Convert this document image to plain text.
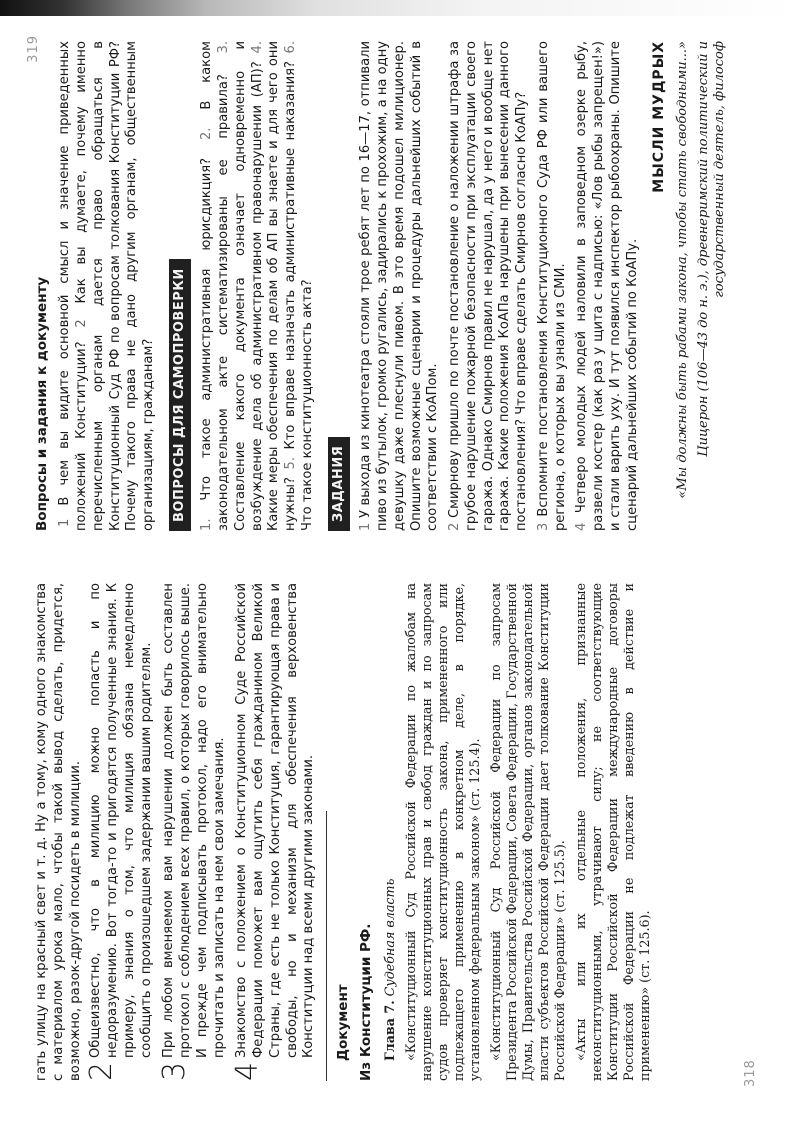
гать улицу на красный свет и т. д. Ну а тому, кому одного знакомства с материалом урока мало, чтобы такой вывод сделать, придется, возможно, разок-другой посидеть в милиции. 2
Общеизвестно, что в милицию можно попасть и по недоразумению. Вот тогда-то и пригодятся полученные знания. К примеру, знания о том, что милиция обязана немедленно сообщить о произошедшем задержании вашим родителям.
3
При любом вменяемом вам нарушении должен быть составлен протокол с соблюдением всех правил, о которых говорилось выше. И прежде чем подписывать протокол, надо его внимательно прочитать и записать на нем свои замечания.
4
Знакомство с положением о Конституционном Суде Российской Федерации поможет вам ощутить себя гражданином Великой Страны, где есть не только Конституция, гарантирующая права и свободы, но и механизм для обеспечения верховенства Конституции над всеми другими законами. Документ Из Конституции РФ. Глава 7. Судебная власть «Конституционный Суд Российской Федерации по жалобам на нарушение конституционных прав и свобод граждан и по запросам судов проверяет конституционность закона, примененного или подлежащего применению в конкретном деле, в порядке, установленном федеральным законом» (ст. 125.4). «Конституционный Суд Российской Федерации по запросам Президента Российской Федерации, Совета Федерации, Государственной Думы, Правительства Российской Федерации, органов законодательной власти субъектов Российской Федерации дает толкование Конституции Российской Федерации» (ст. 125.5). «Акты или их отдельные положения, признанные неконституционными, утрачивают силу; не соответствующие Конституции Российской Федерации международные договоры Российской Федерации не подлежат введению в действие и применению» (ст. 125.6).	318

Вопросы и задания к документу 1 В чем вы видите основной смысл и значение приведенных положений Конституции? 2 Как вы думаете, почему именно перечисленным органам дается право обращаться в Конституционный Суд РФ по вопросам толкования Конституции РФ? Почему такого права не дано другим органам, общественным организациям, гражданам? ВОПРОСЫ ДЛЯ САМОПРОВЕРКИ

1. Что такое административная юрисдикция? 2. В каком законодательном акте систематизированы ее правила? 3. Составление какого документа означает одновременно и возбуждение дела об административном правонарушении (АП)? 4. Какие меры обеспечения по делам об АП вы знаете и для чего они нужны? 5. Кто вправе назначать административные наказания? 6. Что такое конституционность акта? ЗАДАНИЯ

1 У выхода из кинотеатра стояли трое ребят лет по 16—17, отпивали пиво из бутылок, громко ругались, задирались к прохожим, а на одну девушку даже плеснули пивом. В это время подошел милиционер. Опишите возможные сценарии и процедуры дальнейших событий в соответствии с КоАПом. 2 Смирнову пришло по почте постановление о наложении штрафа за грубое нарушение пожарной безопасности при эксплуатации своего гаража. Однако Смирнов правил не нарушал, да у него и вообще нет гаража. Какие положения КоАПа нарушены при вынесении данного постановления? Что вправе сделать Смирнов согласно КоАПу? 3 Вспомните постановления Конституционного Суда РФ или вашего региона, о которых вы узнали из СМИ. 4 Четверо молодых людей наловили в заповедном озерке рыбу, развели костер (как раз у щита с надписью: «Лов рыбы запрещен!») и стали варить уху. И тут появился инспектор рыбоохраны. Опишите сценарий дальнейших событий по КоАПу.

МЫСЛИ МУДРЫХ «Мы должны быть рабами закона, чтобы стать свободными...» Цицерон (106—43 до н. э.), древнеримский политический и государственный деятель, философ

319
